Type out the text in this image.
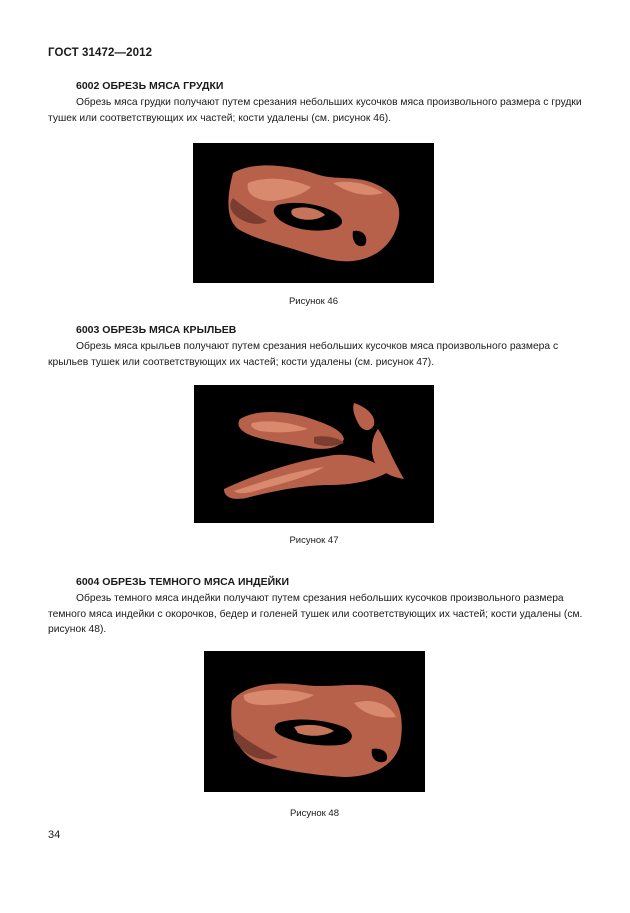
ГОСТ 31472—2012
6002 ОБРЕЗЬ МЯСА ГРУДКИ
Обрезь мяса грудки получают путем срезания небольших кусочков мяса произвольного размера с грудки тушек или соответствующих их частей; кости удалены (см. рисунок 46).
Рисунок 46
6003 ОБРЕЗЬ МЯСА КРЫЛЬЕВ
Обрезь мяса крыльев получают путем срезания небольших кусочков мяса произвольного размера с крыльев тушек или соответствующих их частей; кости удалены (см. рисунок 47).
Рисунок 47
6004 ОБРЕЗЬ ТЕМНОГО МЯСА ИНДЕЙКИ
Обрезь темного мяса индейки получают путем срезания небольших кусочков произвольного размера темного мяса индейки с окорочков, бедер и голеней тушек или соответствующих их частей; кости удалены (см. рисунок 48).
Рисунок 48
34
